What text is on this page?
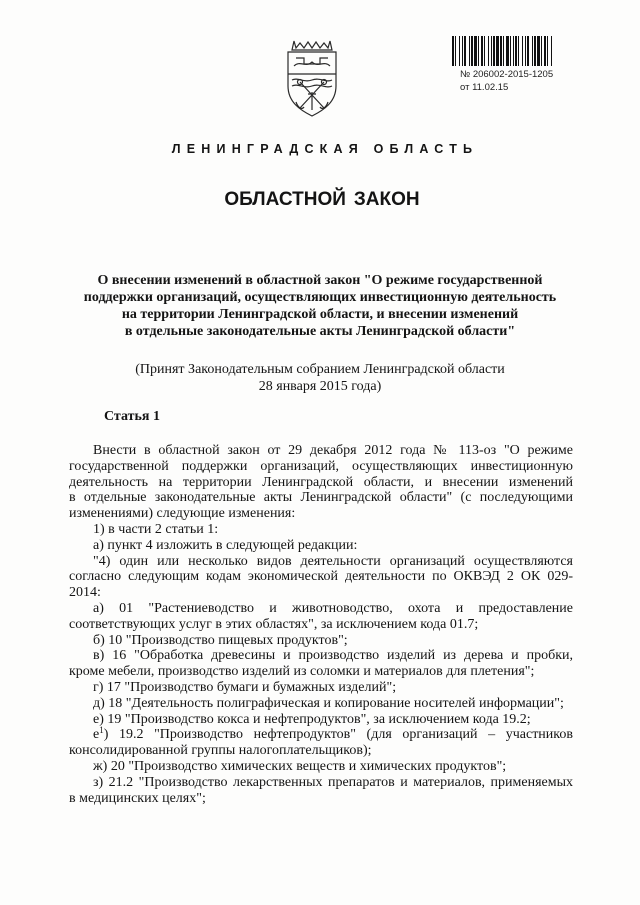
№ 206002-2015-1205
от 11.02.15
ЛЕНИНГРАДСКАЯ ОБЛАСТЬ
ОБЛАСТНОЙ ЗАКОН
О внесении изменений в областной закон "О режиме государственной
поддержки организаций, осуществляющих инвестиционную деятельность
на территории Ленинградской области, и внесении изменений
в отдельные законодательные акты Ленинградской области"
(Принят Законодательным собранием Ленинградской области
28 января 2015 года)
Статья 1

Внести в областной закон от 29 декабря 2012 года № 113-оз "О режиме

государственной поддержки организаций, осуществляющих инвестиционную

деятельность на территории Ленинградской области, и внесении изменений

в отдельные законодательные акты Ленинградской области" (с последующими

изменениями) следующие изменения:

1) в части 2 статьи 1:

а) пункт 4 изложить в следующей редакции:

"4) один или несколько видов деятельности организаций осуществляются

согласно следующим кодам экономической деятельности по ОКВЭД 2 ОК 029-2014:

а) 01 "Растениеводство и животноводство, охота и предоставление

соответствующих услуг в этих областях", за исключением кода 01.7;

б) 10 "Производство пищевых продуктов";

в) 16 "Обработка древесины и производство изделий из дерева и пробки,

кроме мебели, производство изделий из соломки и материалов для плетения";

г) 17 "Производство бумаги и бумажных изделий";

д) 18 "Деятельность полиграфическая и копирование носителей информации";

е) 19 "Производство кокса и нефтепродуктов", за исключением кода 19.2;

$е^1$) 19.2 "Производство нефтепродуктов" (для организаций – участников

консолидированной группы налогоплательщиков);

ж) 20 "Производство химических веществ и химических продуктов";

з) 21.2 "Производство лекарственных препаратов и материалов, применяемых

в медицинских целях";
